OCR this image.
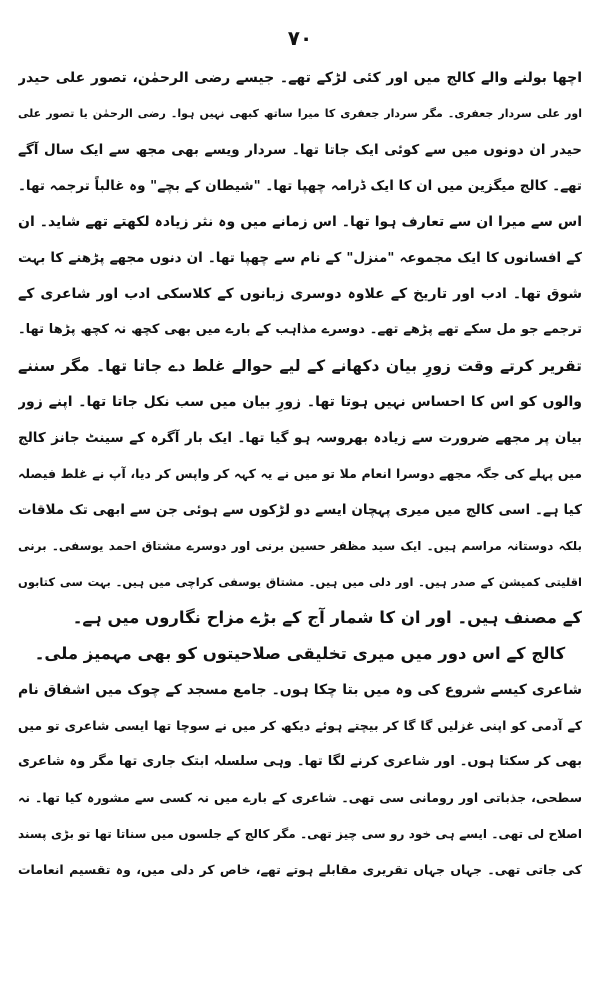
۷۰
اچھا بولنے والے کالج میں اور کئی لڑکے تھے۔ جیسے رضی الرحمٰن، تصور علی حیدر
اور علی سردار جعفری۔ مگر سردار جعفری کا میرا ساتھ کبھی نہیں ہوا۔ رضی الرحمٰن یا تصور علی
حیدر ان دونوں میں سے کوئی ایک جاتا تھا۔ سردار ویسے بھی مجھ سے ایک سال آگے
تھے۔ کالج میگزین میں ان کا ایک ڈرامہ چھپا تھا۔ "شیطان کے بچے" وہ غالباً ترجمہ تھا۔
اس سے میرا ان سے تعارف ہوا تھا۔ اس زمانے میں وہ نثر زیادہ لکھتے تھے شاید۔ ان
کے افسانوں کا ایک مجموعہ "منزل" کے نام سے چھپا تھا۔ ان دنوں مجھے پڑھنے کا بہت
شوق تھا۔ ادب اور تاریخ کے علاوہ دوسری زبانوں کے کلاسکی ادب اور شاعری کے
ترجمے جو مل سکے تھے پڑھے تھے۔ دوسرے مذاہب کے بارے میں بھی کچھ نہ کچھ پڑھا تھا۔
تقریر کرتے وقت زورِ بیان دکھانے کے لیے حوالے غلط دے جاتا تھا۔ مگر سننے
والوں کو اس کا احساس نہیں ہوتا تھا۔ زورِ بیان میں سب نکل جاتا تھا۔ اپنے زور
بیان پر مجھے ضرورت سے زیادہ بھروسہ ہو گیا تھا۔ ایک بار آگرہ کے سینٹ جانز کالج
میں پہلے کی جگہ مجھے دوسرا انعام ملا تو میں نے یہ کہہ کر واپس کر دیا، آپ نے غلط فیصلہ
کیا ہے۔ اسی کالج میں میری پہچان ایسے دو لڑکوں سے ہوئی جن سے ابھی تک ملاقات
بلکہ دوستانہ مراسم ہیں۔ ایک سید مظفر حسین برنی اور دوسرے مشتاق احمد یوسفی۔ برنی
اقلیتی کمیشن کے صدر ہیں۔ اور دلی میں ہیں۔ مشتاق یوسفی کراچی میں ہیں۔ بہت سی کتابوں
کے مصنف ہیں۔ اور ان کا شمار آج کے بڑے مزاح نگاروں میں ہے۔
کالج کے اس دور میں میری تخلیقی صلاحیتوں کو بھی مہمیز ملی۔
شاعری کیسے شروع کی وہ میں بتا چکا ہوں۔ جامع مسجد کے چوک میں اشفاق نام
کے آدمی کو اپنی غزلیں گا گا کر بیچتے ہوئے دیکھ کر میں نے سوچا تھا ایسی شاعری تو میں
بھی کر سکتا ہوں۔ اور شاعری کرنے لگا تھا۔ وہی سلسلہ ابتک جاری تھا مگر وہ شاعری
سطحی، جذباتی اور رومانی سی تھی۔ شاعری کے بارے میں نہ کسی سے مشورہ کیا تھا۔ نہ
اصلاح لی تھی۔ ایسے ہی خود رو سی چیز تھی۔ مگر کالج کے جلسوں میں سناتا تھا تو بڑی پسند
کی جاتی تھی۔ جہاں جہاں تقریری مقابلے ہوتے تھے، خاص کر دلی میں، وہ تقسیم انعامات
